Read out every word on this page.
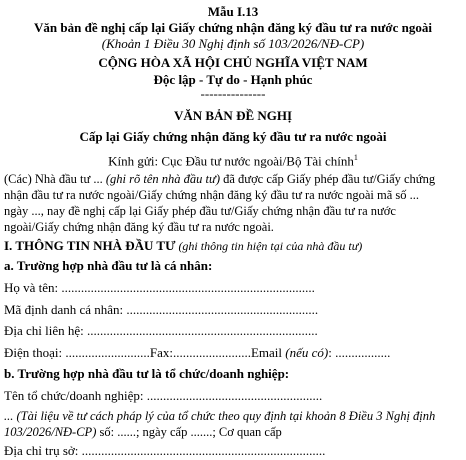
Mẫu I.13
Văn bản đề nghị cấp lại Giấy chứng nhận đăng ký đầu tư ra nước ngoài
(Khoản 1 Điều 30 Nghị định số 103/2026/NĐ-CP)
CỘNG HÒA XÃ HỘI CHỦ NGHĨA VIỆT NAM
Độc lập - Tự do - Hạnh phúc
---------------
VĂN BẢN ĐỀ NGHỊ
Cấp lại Giấy chứng nhận đăng ký đầu tư ra nước ngoài
Kính gửi: Cục Đầu tư nước ngoài/Bộ Tài chính$^1$
(Các) Nhà đầu tư ... (ghi rõ tên nhà đầu tư) đã được cấp Giấy phép đầu tư/Giấy chứng
nhận đầu tư ra nước ngoài/Giấy chứng nhận đăng ký đầu tư ra nước ngoài mã số ...
ngày ..., nay đề nghị cấp lại Giấy phép đầu tư/Giấy chứng nhận đầu tư ra nước
ngoài/Giấy chứng nhận đăng ký đầu tư ra nước ngoài.
I. THÔNG TIN NHÀ ĐẦU TƯ (ghi thông tin hiện tại của nhà đầu tư)
a. Trường hợp nhà đầu tư là cá nhân:
Họ và tên: ..............................................................................
Mã định danh cá nhân: ...........................................................
Địa chỉ liên hệ: .......................................................................
Điện thoại: ..........................Fax:........................Email (nếu có): .................
b. Trường hợp nhà đầu tư là tổ chức/doanh nghiệp:
Tên tổ chức/doanh nghiệp: ......................................................
... (Tài liệu về tư cách pháp lý của tổ chức theo quy định tại khoản 8 Điều 3 Nghị định
103/2026/NĐ-CP) số: ......; ngày cấp .......; Cơ quan cấp
Địa chỉ trụ sở: ...........................................................................
